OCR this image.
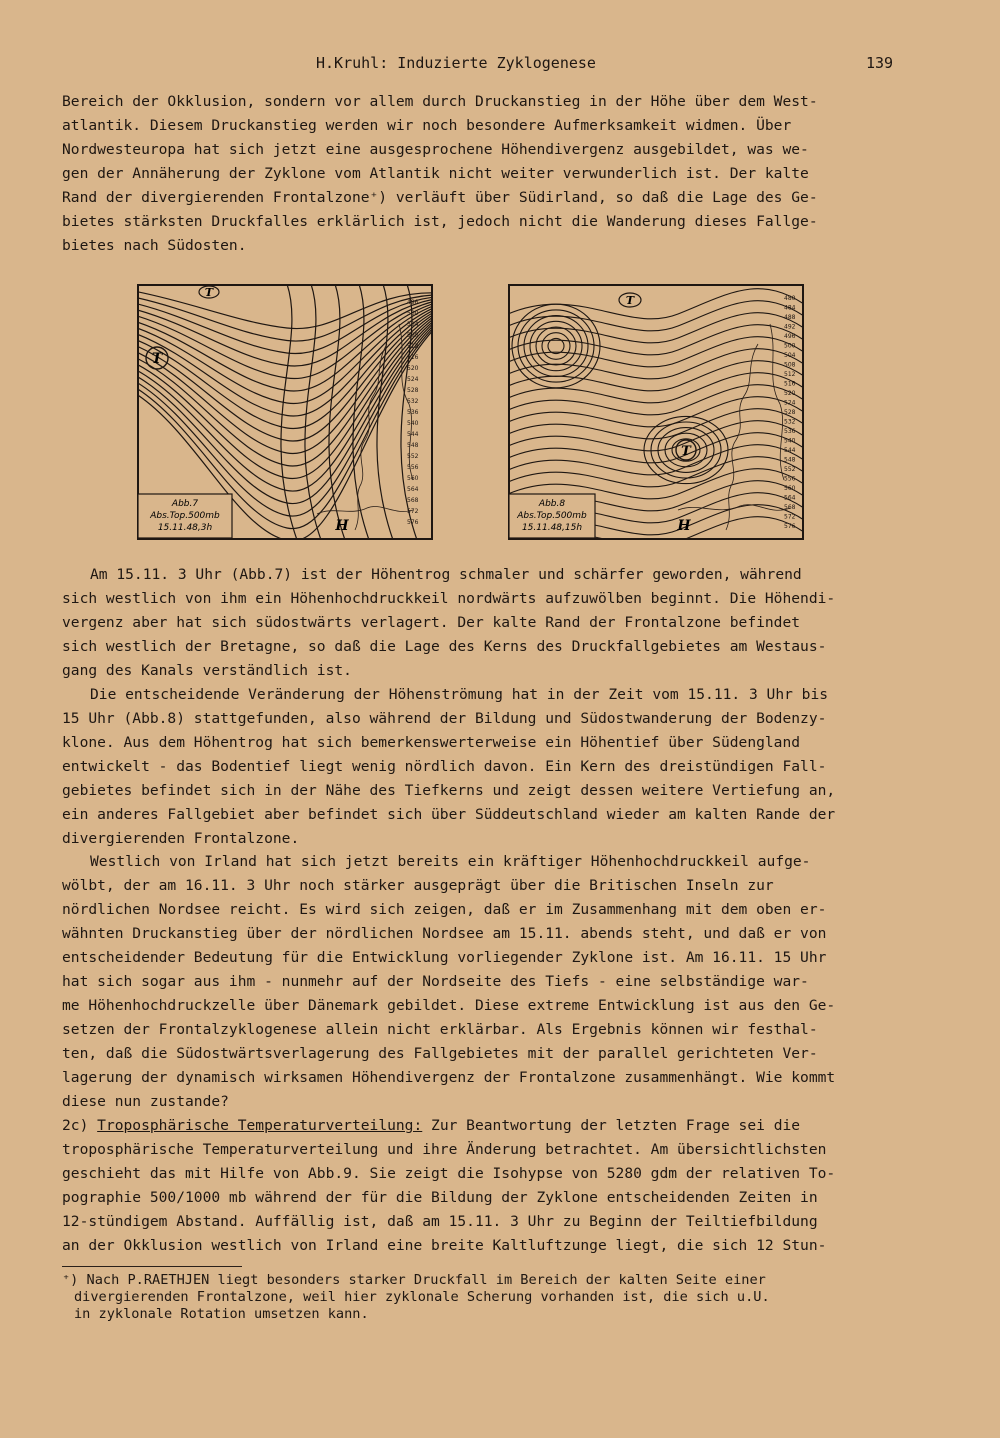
H.Kruhl: Induzierte Zyklogenese	139

Bereich der Okklusion, sondern vor allem durch Druckanstieg in der Höhe über dem West-
atlantik. Diesem Druckanstieg werden wir noch besondere Aufmerksamkeit widmen. Über
Nordwesteuropa hat sich jetzt eine ausgesprochene Höhendivergenz ausgebildet, was we-
gen der Annäherung der Zyklone vom Atlantik nicht weiter verwunderlich ist. Der kalte
Rand der divergierenden Frontalzone⁺) verläuft über Südirland, so daß die Lage des Ge-
bietes stärksten Druckfalles erklärlich ist, jedoch nicht die Wanderung dieses Fallge-
bietes nach Südosten.

496
500
504
508
512
516
520
524
528
532
536
540
544
548
552
556
560
564
568
572
576
T
T
H
Abb.7
Abs.Top.500mb
15.11.48,3h
480
484
488
492
496
500
504
508
512
516
520
524
528
532
536
540
544
548
552
556
560
564
568
572
576
T
T
H
Abb.8
Abs.Top.500mb
15.11.48,15h

Am 15.11. 3 Uhr (Abb.7) ist der Höhentrog schmaler und schärfer geworden, während
sich westlich von ihm ein Höhenhochdruckkeil nordwärts aufzuwölben beginnt. Die Höhendi-
vergenz aber hat sich südostwärts verlagert. Der kalte Rand der Frontalzone befindet
sich westlich der Bretagne, so daß die Lage des Kerns des Druckfallgebietes am Westaus-
gang des Kanals verständlich ist.

Die entscheidende Veränderung der Höhenströmung hat in der Zeit vom 15.11. 3 Uhr bis
15 Uhr (Abb.8) stattgefunden, also während der Bildung und Südostwanderung der Bodenzy-
klone. Aus dem Höhentrog hat sich bemerkenswerterweise ein Höhentief über Südengland
entwickelt - das Bodentief liegt wenig nördlich davon. Ein Kern des dreistündigen Fall-
gebietes befindet sich in der Nähe des Tiefkerns und zeigt dessen weitere Vertiefung an,
ein anderes Fallgebiet aber befindet sich über Süddeutschland wieder am kalten Rande der
divergierenden Frontalzone.

Westlich von Irland hat sich jetzt bereits ein kräftiger Höhenhochdruckkeil aufge-
wölbt, der am 16.11. 3 Uhr noch stärker ausgeprägt über die Britischen Inseln zur
nördlichen Nordsee reicht. Es wird sich zeigen, daß er im Zusammenhang mit dem oben er-
wähnten Druckanstieg über der nördlichen Nordsee am 15.11. abends steht, und daß er von
entscheidender Bedeutung für die Entwicklung vorliegender Zyklone ist. Am 16.11. 15 Uhr
hat sich sogar aus ihm - nunmehr auf der Nordseite des Tiefs - eine selbständige war-
me Höhenhochdruckzelle über Dänemark gebildet. Diese extreme Entwicklung ist aus den Ge-
setzen der Frontalzyklogenese allein nicht erklärbar. Als Ergebnis können wir festhal-
ten, daß die Südostwärtsverlagerung des Fallgebietes mit der parallel gerichteten Ver-
lagerung der dynamisch wirksamen Höhendivergenz der Frontalzone zusammenhängt. Wie kommt
diese nun zustande?

2c) Troposphärische Temperaturverteilung: Zur Beantwortung der letzten Frage sei die
troposphärische Temperaturverteilung und ihre Änderung betrachtet. Am übersichtlichsten
geschieht das mit Hilfe von Abb.9. Sie zeigt die Isohypse von 5280 gdm der relativen To-
pographie 500/1000 mb während der für die Bildung der Zyklone entscheidenden Zeiten in
12-stündigem Abstand. Auffällig ist, daß am 15.11. 3 Uhr zu Beginn der Teiltiefbildung
an der Okklusion westlich von Irland eine breite Kaltluftzunge liegt, die sich 12 Stun-

⁺) Nach P.RAETHJEN liegt besonders starker Druckfall im Bereich der kalten Seite einer
divergierenden Frontalzone, weil hier zyklonale Scherung vorhanden ist, die sich u.U.
in zyklonale Rotation umsetzen kann.
